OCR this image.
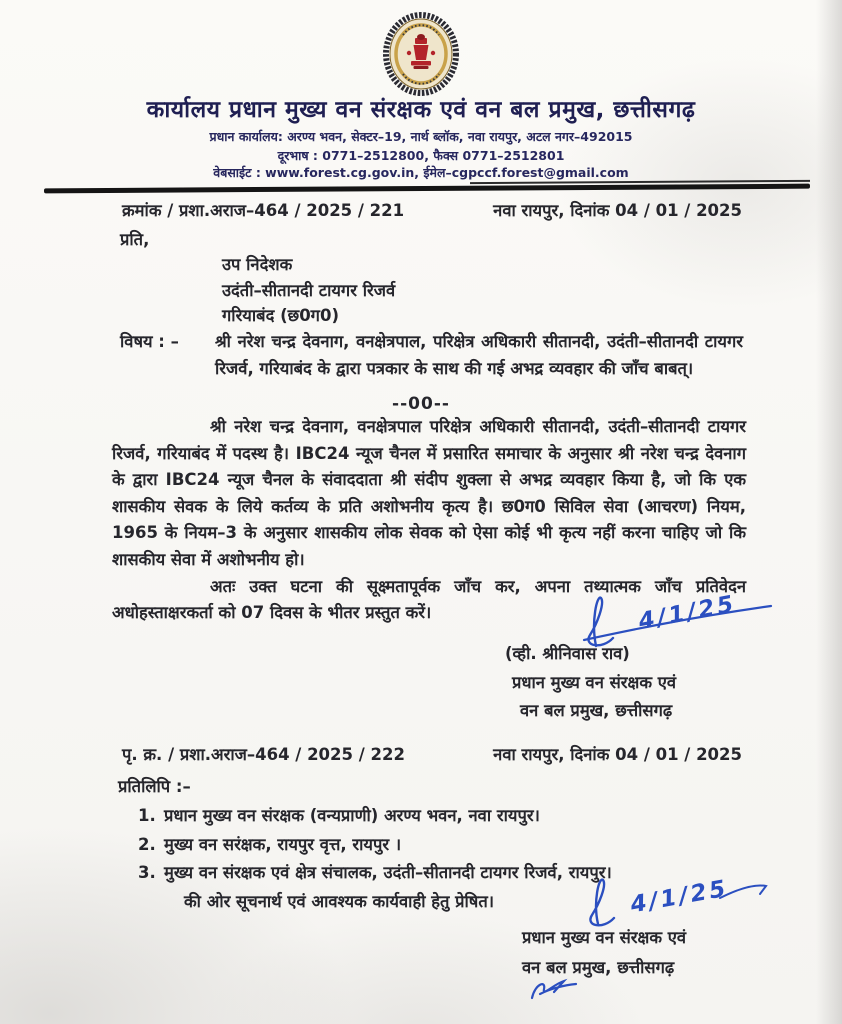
कार्यालय प्रधान मुख्य वन संरक्षक एवं वन बल प्रमुख, छत्तीसगढ़
प्रधान कार्यालय: अरण्य भवन, सेक्टर–19, नार्थ ब्लॉक, नवा रायपुर, अटल नगर–492015
दूरभाष : 0771–2512800, फैक्स 0771–2512801
वेबसाईट : www.forest.cg.gov.in, ईमेल–cgpccf.forest@gmail.com
क्रमांक / प्रशा.अराज–464 / 2025 / 221	नवा रायपुर, दिनांक 04 / 01 / 2025
प्रति,
उप निदेशक
उदंती–सीतानदी टायगर रिजर्व
गरियाबंद (छ0ग0)
विषय : – श्री नरेश चन्द्र देवनाग, वनक्षेत्रपाल, परिक्षेत्र अधिकारी सीतानदी, उदंती–सीतानदी टायगर रिजर्व, गरियाबंद के द्वारा पत्रकार के साथ की गई अभद्र व्यवहार की जाँच बाबत्।
--00--

श्री नरेश चन्द्र देवनाग, वनक्षेत्रपाल परिक्षेत्र अधिकारी सीतानदी, उदंती–सीतानदी टायगर रिजर्व, गरियाबंद में पदस्थ है। IBC24 न्यूज चैनल में प्रसारित समाचार के अनुसार श्री नरेश चन्द्र देवनाग के द्वारा IBC24 न्यूज चैनल के संवाददाता श्री संदीप शुक्ला से अभद्र व्यवहार किया है, जो कि एक शासकीय सेवक के लिये कर्तव्य के प्रति अशोभनीय कृत्य है। छ0ग0 सिविल सेवा (आचरण) नियम, 1965 के नियम–3 के अनुसार शासकीय लोक सेवक को ऐसा कोई भी कृत्य नहीं करना चाहिए जो कि शासकीय सेवा में अशोभनीय हो।

अतः उक्त घटना की सूक्ष्मतापूर्वक जाँच कर, अपना तथ्यात्मक जाँच प्रतिवेदन अधोहस्ताक्षरकर्ता को 07 दिवस के भीतर प्रस्तुत करें।	4/1/25
(व्ही. श्रीनिवास राव)
प्रधान मुख्य वन संरक्षक एवं
वन बल प्रमुख, छत्तीसगढ़
पृ. क्र. / प्रशा.अराज–464 / 2025 / 222	नवा रायपुर, दिनांक 04 / 01 / 2025
प्रतिलिपि :–
1. प्रधान मुख्य वन संरक्षक (वन्यप्राणी) अरण्य भवन, नवा रायपुर।
2. मुख्य वन सरंक्षक, रायपुर वृत्त, रायपुर ।
3. मुख्य वन संरक्षक एवं क्षेत्र संचालक, उदंती–सीतानदी टायगर रिजर्व, रायपुर।
की ओर सूचनार्थ एवं आवश्यक कार्यवाही हेतु प्रेषित।	4/1/25
प्रधान मुख्य वन संरक्षक एवं
वन बल प्रमुख, छत्तीसगढ़
